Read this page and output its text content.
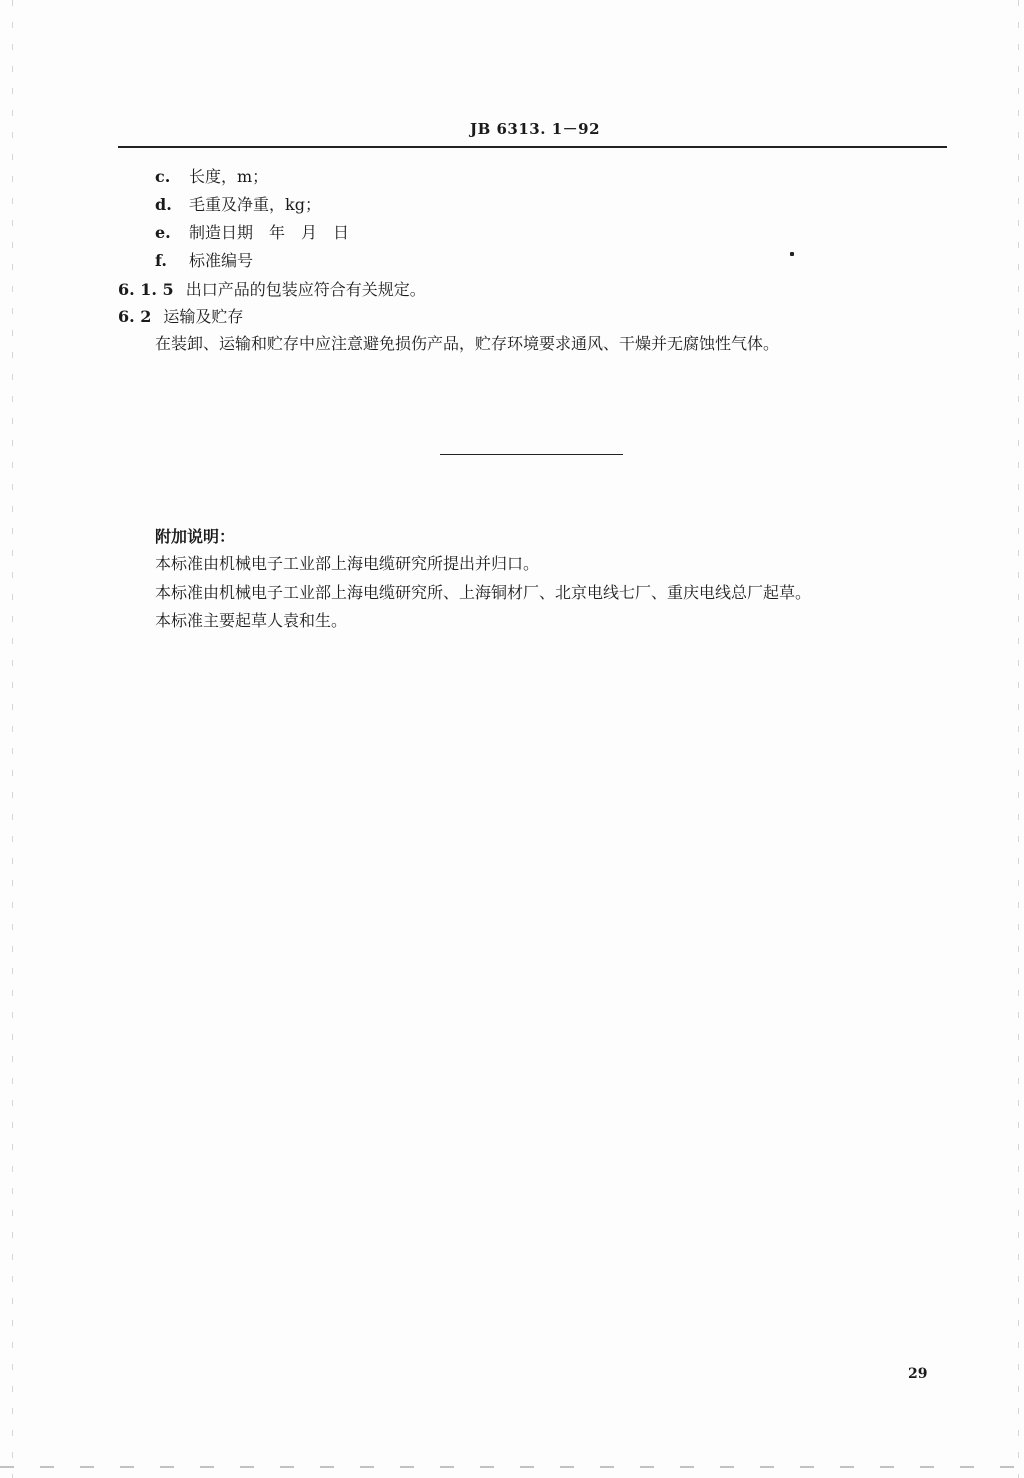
JB 6313. 1－92
c. 长度，m；
d. 毛重及净重，kg；
e. 制造日期　年　月　日
f. 标准编号
6. 1. 5 出口产品的包装应符合有关规定。
6. 2 运输及贮存
在装卸、运输和贮存中应注意避免损伤产品，贮存环境要求通风、干燥并无腐蚀性气体。
附加说明：
本标准由机械电子工业部上海电缆研究所提出并归口。
本标准由机械电子工业部上海电缆研究所、上海铜材厂、北京电线七厂、重庆电线总厂起草。
本标准主要起草人袁和生。
29
